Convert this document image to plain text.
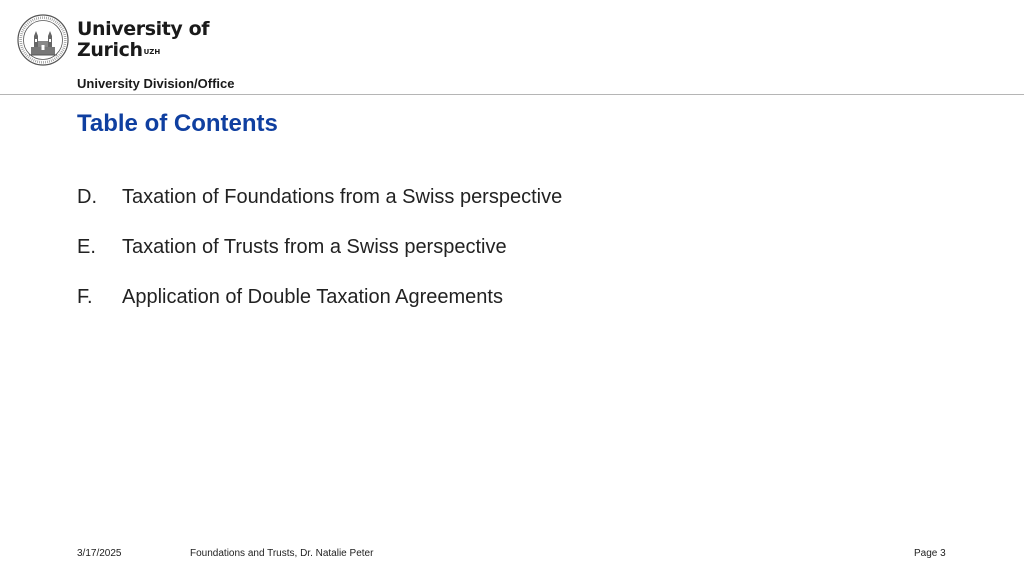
University of
Zurich$^{UZH}$
University Division/Office
Table of Contents
D.	Taxation of Foundations from a Swiss perspective
E.	Taxation of Trusts from a Swiss perspective
F.	Application of Double Taxation Agreements
3/17/2025	Foundations and Trusts, Dr. Natalie Peter	Page 3
